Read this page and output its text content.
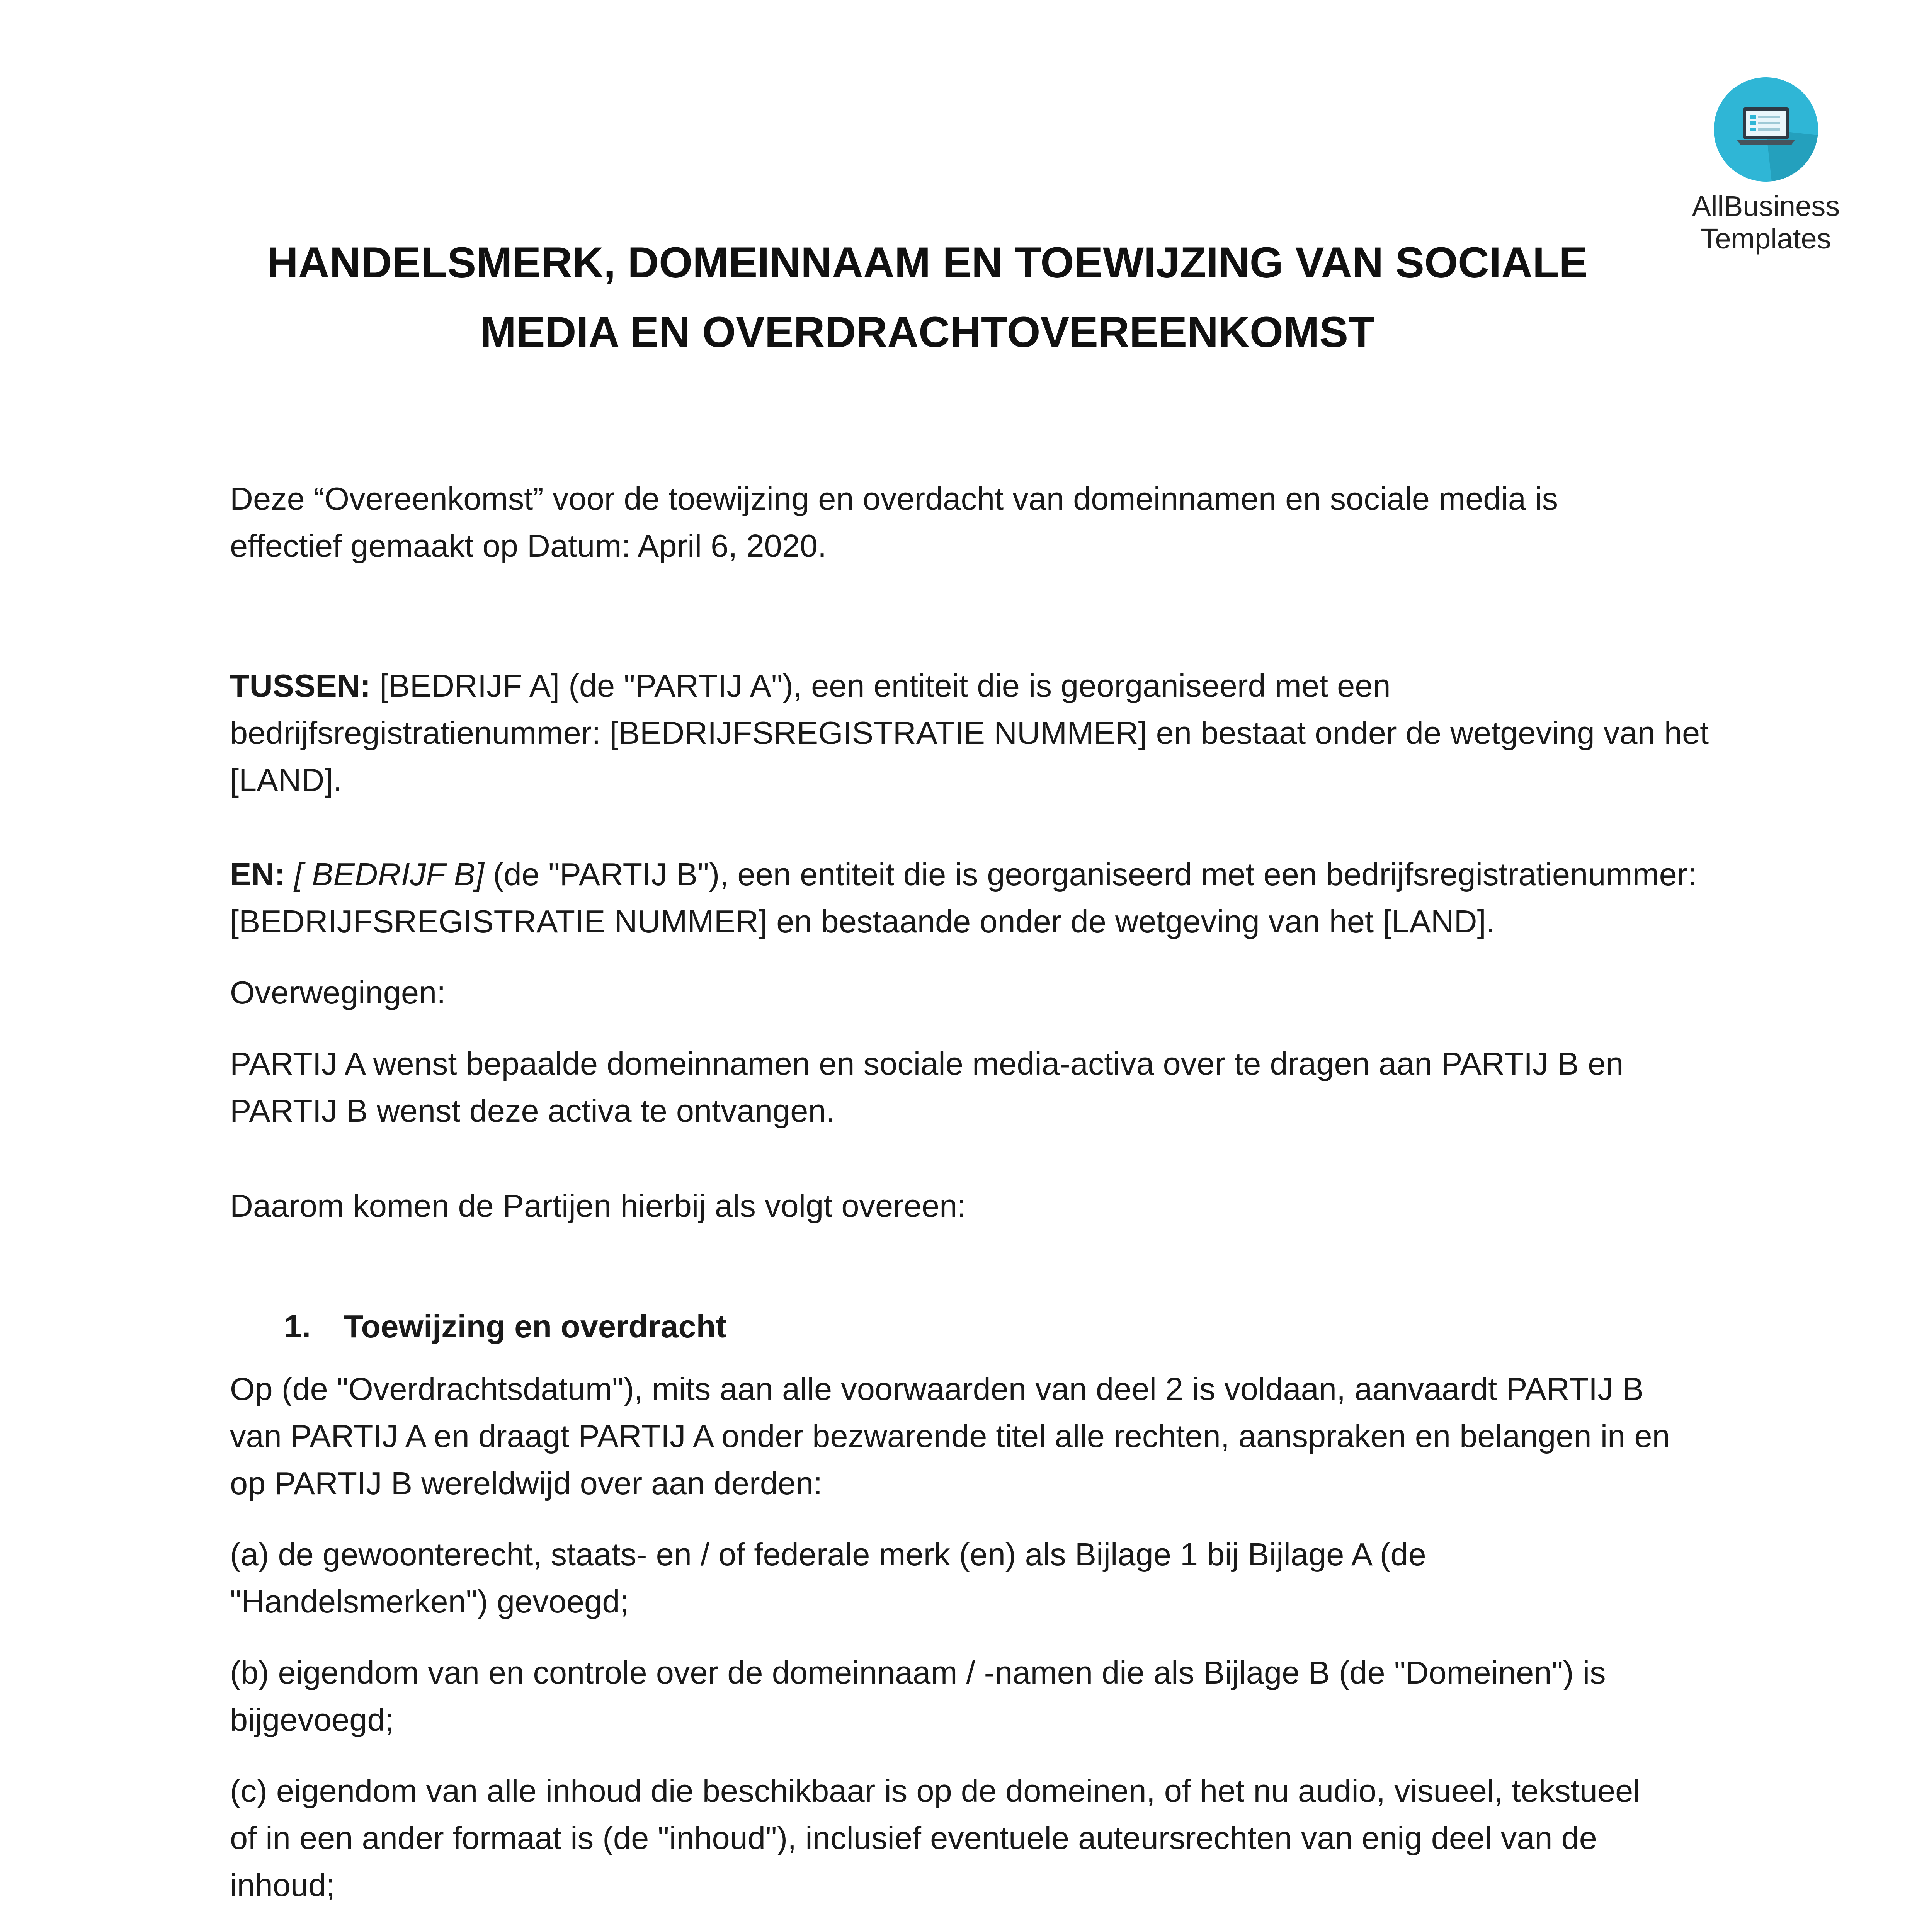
AllBusiness
Templates
HANDELSMERK, DOMEINNAAM EN TOEWIJZING VAN SOCIALE
MEDIA EN OVERDRACHTOVEREENKOMST

Deze “Overeenkomst” voor de toewijzing en overdacht van domeinnamen en sociale media is
effectief gemaakt op Datum: April 6, 2020.

TUSSEN: [BEDRIJF A] (de "PARTIJ A"), een entiteit die is georganiseerd met een
bedrijfsregistratienummer: [BEDRIJFSREGISTRATIE NUMMER] en bestaat onder de wetgeving van het
[LAND].

EN: [ BEDRIJF B] (de "PARTIJ B"), een entiteit die is georganiseerd met een bedrijfsregistratienummer:
[BEDRIJFSREGISTRATIE NUMMER] en bestaande onder de wetgeving van het [LAND].

Overwegingen:

PARTIJ A wenst bepaalde domeinnamen en sociale media-activa over te dragen aan PARTIJ B en
PARTIJ B wenst deze activa te ontvangen.

Daarom komen de Partijen hierbij als volgt overeen:

1. Toewijzing en overdracht

Op (de "Overdrachtsdatum"), mits aan alle voorwaarden van deel 2 is voldaan, aanvaardt PARTIJ B
van PARTIJ A en draagt PARTIJ A onder bezwarende titel alle rechten, aanspraken en belangen in en
op PARTIJ B wereldwijd over aan derden:

(a) de gewoonterecht, staats- en / of federale merk (en) als Bijlage 1 bij Bijlage A (de
"Handelsmerken") gevoegd;

(b) eigendom van en controle over de domeinnaam / -namen die als Bijlage B (de "Domeinen") is
bijgevoegd;

(c) eigendom van alle inhoud die beschikbaar is op de domeinen, of het nu audio, visueel, tekstueel
of in een ander formaat is (de "inhoud"), inclusief eventuele auteursrechten van enig deel van de
inhoud;
